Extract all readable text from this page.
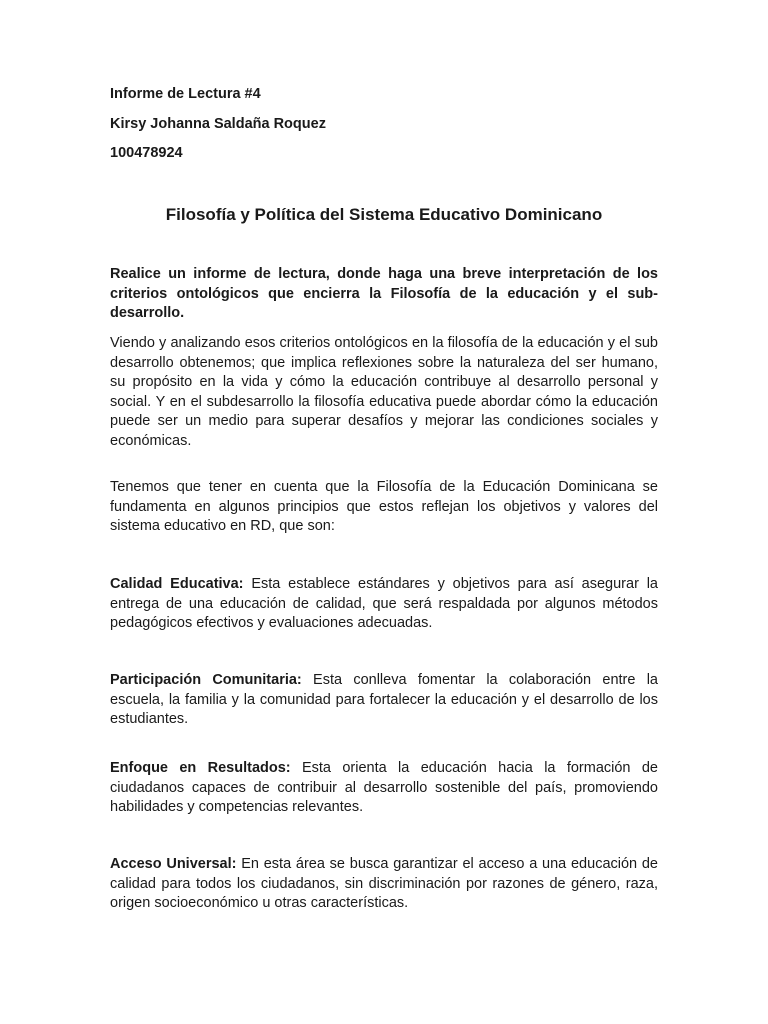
Informe de Lectura #4
Kirsy Johanna Saldaña Roquez
100478924
Filosofía y Política del Sistema Educativo Dominicano
Realice un informe de lectura, donde haga una breve interpretación de los criterios ontológicos que encierra la Filosofía de la educación y el sub-desarrollo.
Viendo y analizando esos criterios ontológicos en la filosofía de la educación y el sub desarrollo obtenemos; que implica reflexiones sobre la naturaleza del ser humano, su propósito en la vida y cómo la educación contribuye al desarrollo personal y social. Y en el subdesarrollo la filosofía educativa puede abordar cómo la educación puede ser un medio para superar desafíos y mejorar las condiciones sociales y económicas.
Tenemos que tener en cuenta que la Filosofía de la Educación Dominicana se fundamenta en algunos principios que estos reflejan los objetivos y valores del sistema educativo en RD, que son:
Calidad Educativa: Esta establece estándares y objetivos para así asegurar la entrega de una educación de calidad, que será respaldada por algunos métodos pedagógicos efectivos y evaluaciones adecuadas.
Participación Comunitaria: Esta conlleva fomentar la colaboración entre la escuela, la familia y la comunidad para fortalecer la educación y el desarrollo de los estudiantes.
Enfoque en Resultados: Esta orienta la educación hacia la formación de ciudadanos capaces de contribuir al desarrollo sostenible del país, promoviendo habilidades y competencias relevantes.
Acceso Universal: En esta área se busca garantizar el acceso a una educación de calidad para todos los ciudadanos, sin discriminación por razones de género, raza, origen socioeconómico u otras características.
